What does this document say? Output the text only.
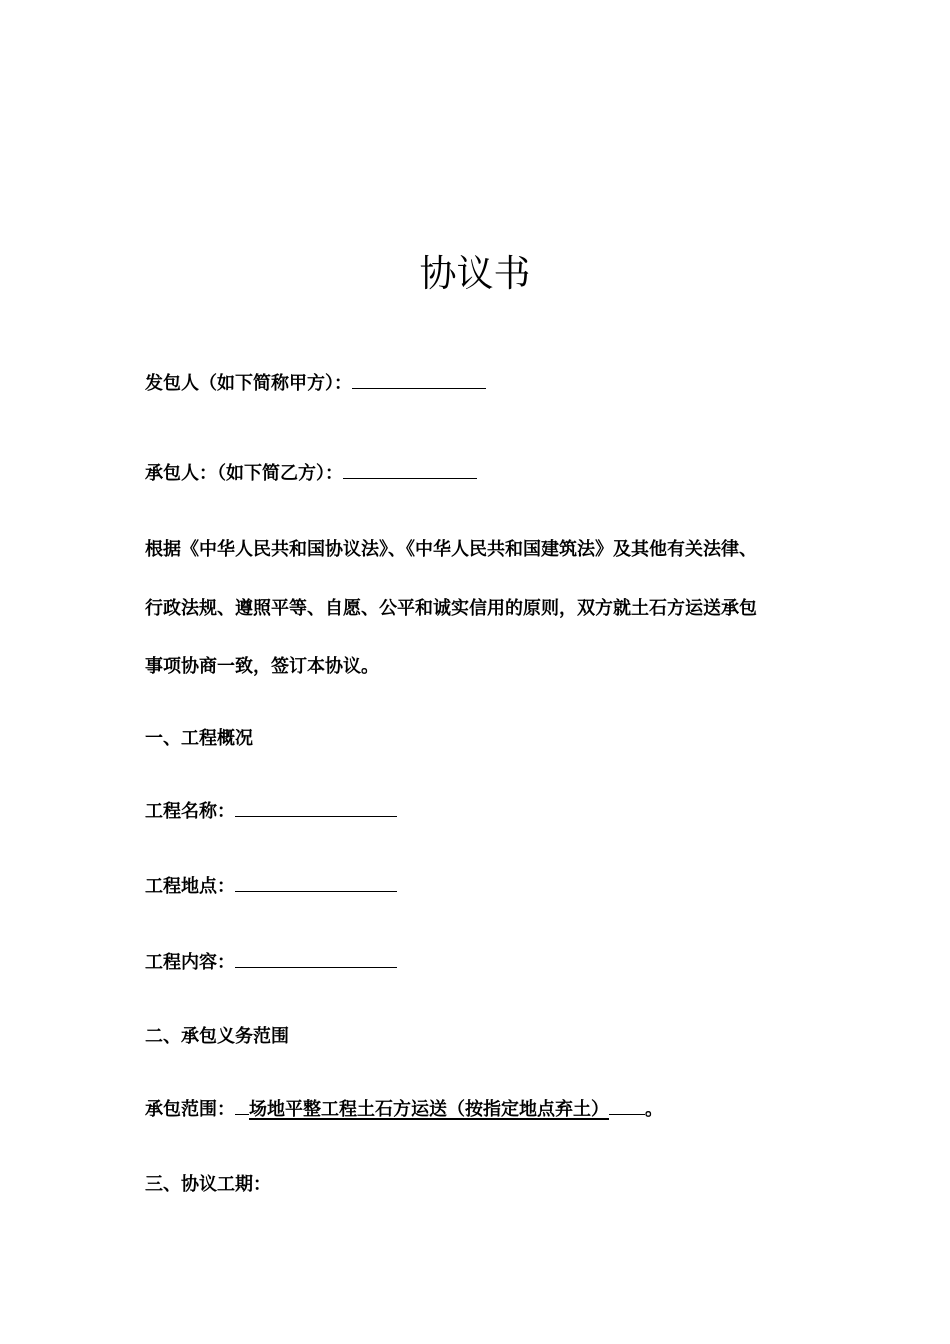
协议书
发包人（如下简称甲方）：
承包人：（如下简乙方）：
根据《中华人民共和国协议法》、《中华人民共和国建筑法》及其他有关法律、
行政法规、遵照平等、自愿、公平和诚实信用的原则，双方就土石方运送承包
事项协商一致，签订本协议。
一、工程概况
工程名称：
工程地点：
工程内容：
二、承包义务范围
承包范围： 场地平整工程土石方运送（按指定地点弃土） 。
三、协议工期：
